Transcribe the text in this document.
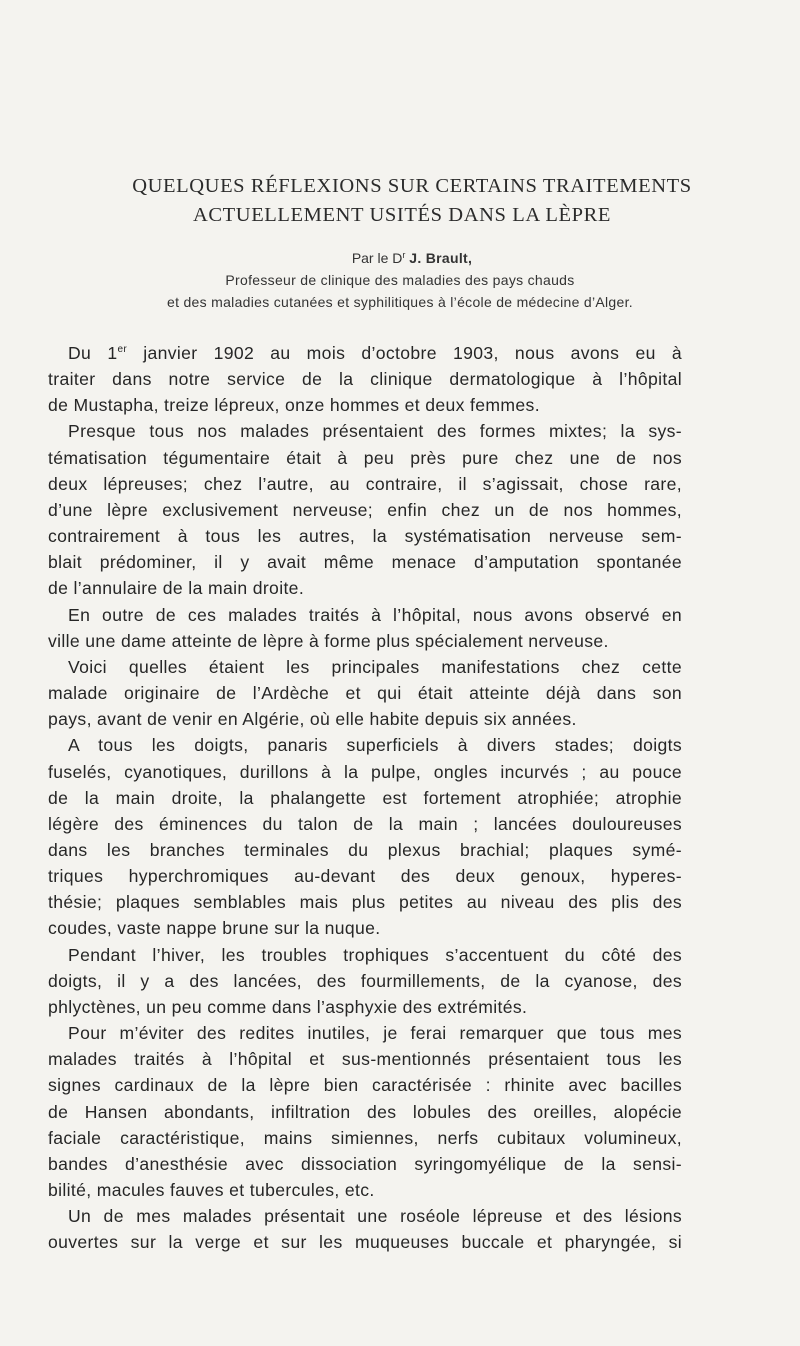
QUELQUES RÉFLEXIONS SUR CERTAINS TRAITEMENTS
ACTUELLEMENT USITÉS DANS LA LÈPRE
Par le $D^r$ J. Brault,
Professeur de clinique des maladies des pays chauds
et des maladies cutanées et syphilitiques à l’école de médecine d’Alger.
Du 1er janvier 1902 au mois d’octobre 1903, nous avons eu à
traiter dans notre service de la clinique dermatologique à l’hôpital
de Mustapha, treize lépreux, onze hommes et deux femmes.
Presque tous nos malades présentaient des formes mixtes; la sys-
tématisation tégumentaire était à peu près pure chez une de nos
deux lépreuses; chez l’autre, au contraire, il s’agissait, chose rare,
d’une lèpre exclusivement nerveuse; enfin chez un de nos hommes,
contrairement à tous les autres, la systématisation nerveuse sem-
blait prédominer, il y avait même menace d’amputation spontanée
de l’annulaire de la main droite.
En outre de ces malades traités à l’hôpital, nous avons observé en
ville une dame atteinte de lèpre à forme plus spécialement nerveuse.
Voici quelles étaient les principales manifestations chez cette
malade originaire de l’Ardèche et qui était atteinte déjà dans son
pays, avant de venir en Algérie, où elle habite depuis six années.
A tous les doigts, panaris superficiels à divers stades; doigts
fuselés, cyanotiques, durillons à la pulpe, ongles incurvés ; au pouce
de la main droite, la phalangette est fortement atrophiée; atrophie
légère des éminences du talon de la main ; lancées douloureuses
dans les branches terminales du plexus brachial; plaques symé-
triques hyperchromiques au-devant des deux genoux, hyperes-
thésie; plaques semblables mais plus petites au niveau des plis des
coudes, vaste nappe brune sur la nuque.
Pendant l’hiver, les troubles trophiques s’accentuent du côté des
doigts, il y a des lancées, des fourmillements, de la cyanose, des
phlyctènes, un peu comme dans l’asphyxie des extrémités.
Pour m’éviter des redites inutiles, je ferai remarquer que tous mes
malades traités à l’hôpital et sus-mentionnés présentaient tous les
signes cardinaux de la lèpre bien caractérisée : rhinite avec bacilles
de Hansen abondants, infiltration des lobules des oreilles, alopécie
faciale caractéristique, mains simiennes, nerfs cubitaux volumineux,
bandes d’anesthésie avec dissociation syringomyélique de la sensi-
bilité, macules fauves et tubercules, etc.
Un de mes malades présentait une roséole lépreuse et des lésions
ouvertes sur la verge et sur les muqueuses buccale et pharyngée, si
